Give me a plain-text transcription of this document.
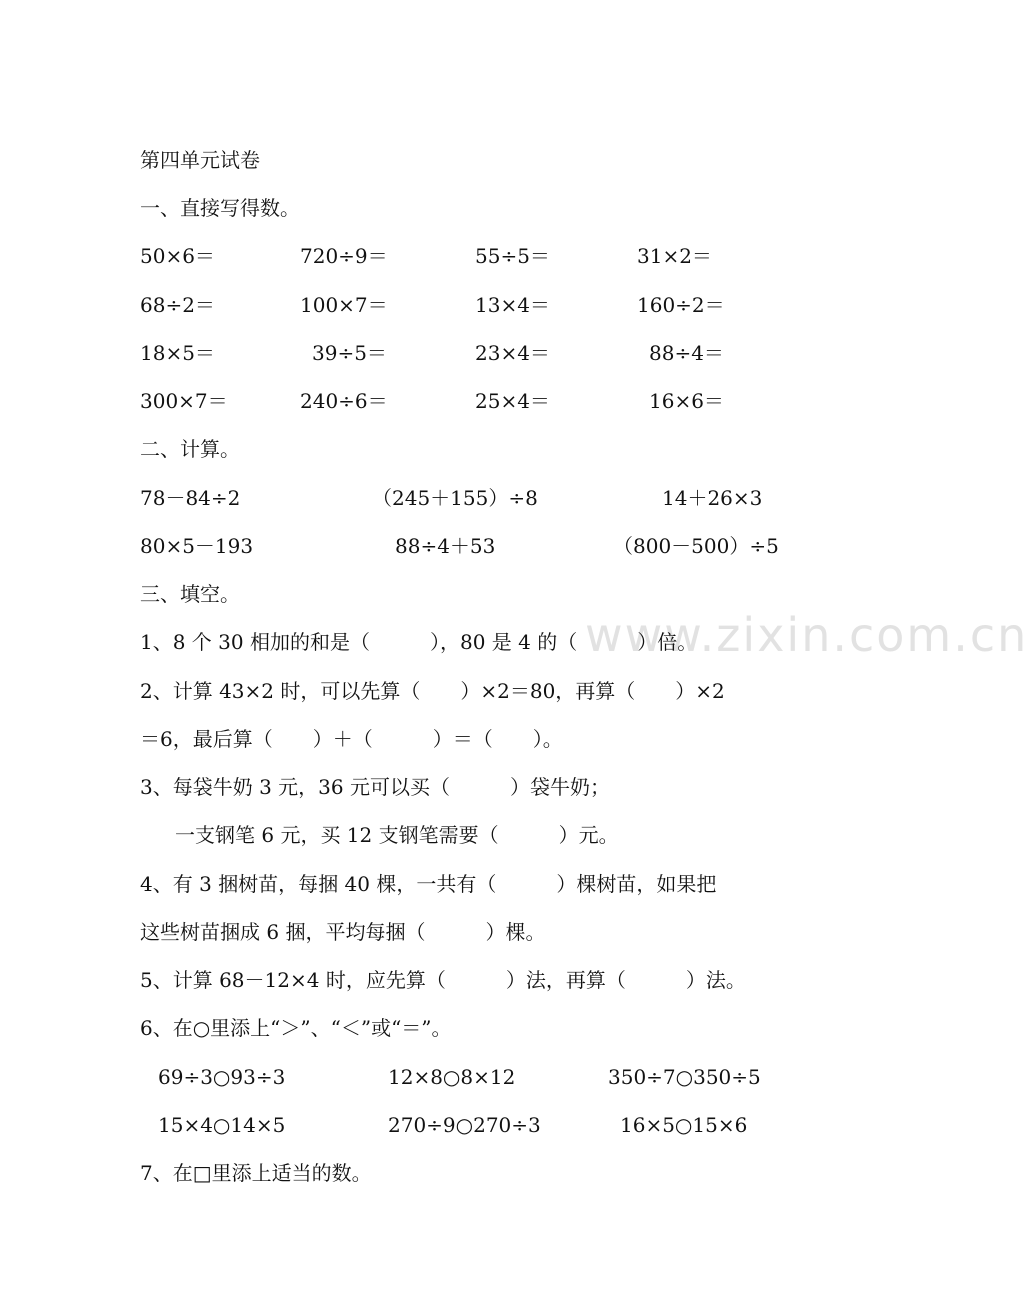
www.zixin.com.cn
第四单元试卷
一、直接写得数。
50×6＝	720÷9＝	55÷5＝	31×2＝
68÷2＝	100×7＝	13×4＝	160÷2＝
18×5＝	39÷5＝	23×4＝	88÷4＝
300×7＝	240÷6＝	25×4＝	16×6＝
二、计算。
78－84÷2	（245＋155）÷8	14＋26×3
80×5－193	88÷4＋53	（800－500）÷5
三、填空。
1、8 个 30 相加的和是（　　　），80 是 4 的（　　　）倍。
2、计算 43×2 时，可以先算（　　）×2＝80，再算（　　）×2
＝6，最后算（　　）＋（　　　）＝（　　）。
3、每袋牛奶 3 元，36 元可以买（　　　）袋牛奶；
一支钢笔 6 元，买 12 支钢笔需要（　　　）元。
4、有 3 捆树苗，每捆 40 棵，一共有（　　　）棵树苗，如果把
这些树苗捆成 6 捆，平均每捆（　　　）棵。
5、计算 68－12×4 时，应先算（　　　）法，再算（　　　）法。
6、在○里添上“＞”、“＜”或“＝”。
69÷3○93÷3	12×8○8×12	350÷7○350÷5
15×4○14×5	270÷9○270÷3	16×5○15×6
7、在□里添上适当的数。
